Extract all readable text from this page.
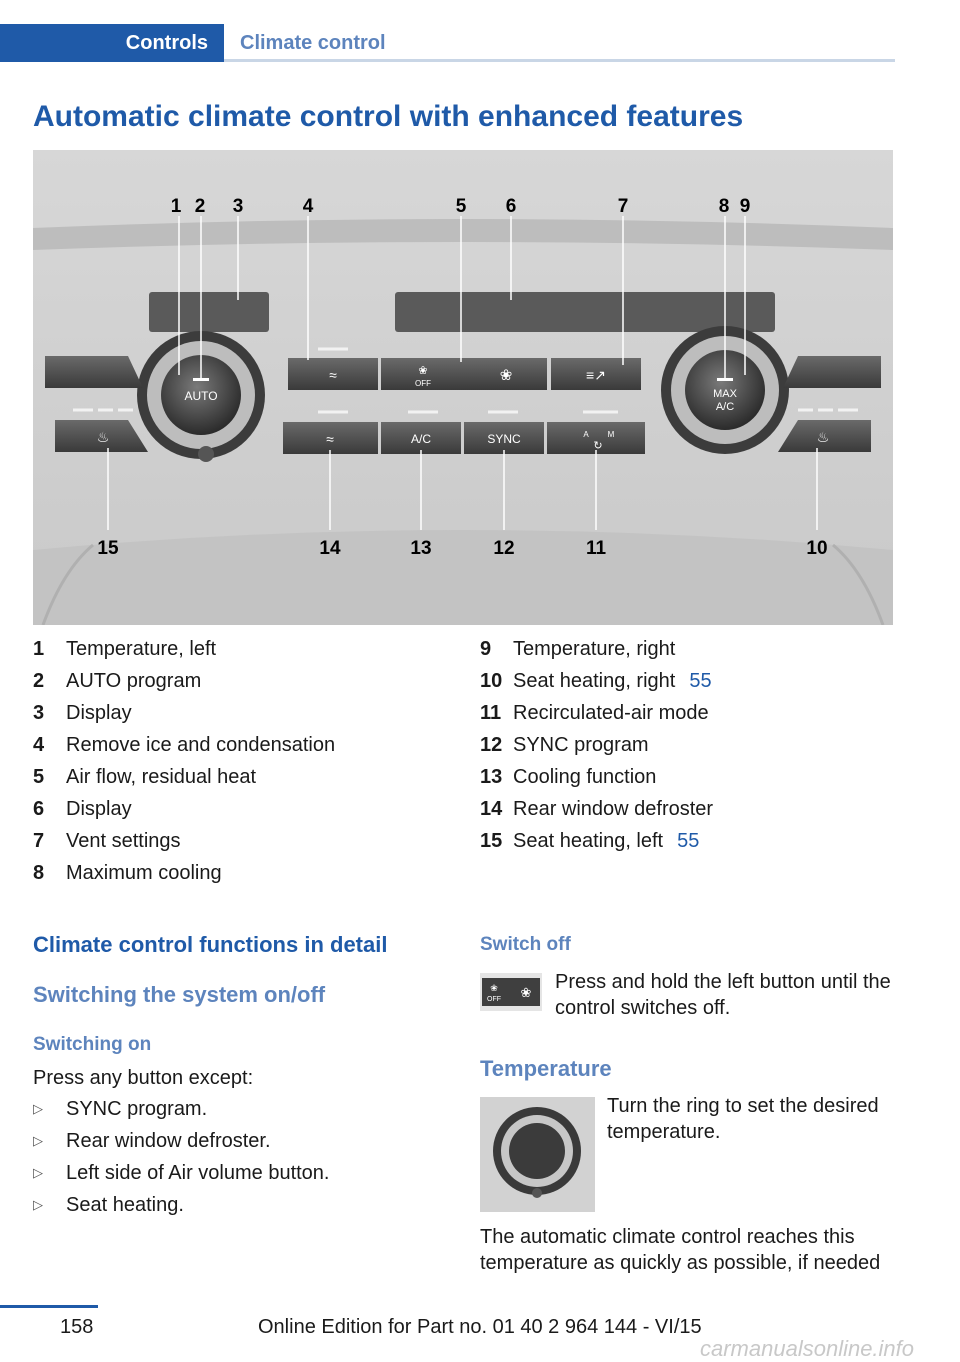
Controls Climate control
Automatic climate control with enhanced features
AUTO	MAX
A/C
≈	❀
OFF	❀	≡↗
♨	♨
≈	A/C	SYNC	A M
↻
1 2 3	4	5 6	7	8 9
15	14	13	12	11	10
1	Temperature, left
2	AUTO program
3	Display
4	Remove ice and condensation
5	Air flow, residual heat
6	Display
7	Vent settings
8	Maximum cooling
9	Temperature, right
10 Seat heating, right 55
11 Recirculated-air mode
12 SYNC program
13 Cooling function
14 Rear window defroster
15 Seat heating, left 55
Climate control functions in detail
Switching the system on/off
Switching on
Press any button except:
▷	SYNC program.
▷	Rear window defroster.
▷	Left side of Air volume button.
▷	Seat heating.
Switch off
❀
OFF ❀ Press and hold the left button until the
control switches off.
Temperature
Turn the ring to set the desired
temperature.
The automatic climate control reaches this
temperature as quickly as possible, if needed
158	Online Edition for Part no. 01 40 2 964 144 - VI/15
carmanualsonline.info
